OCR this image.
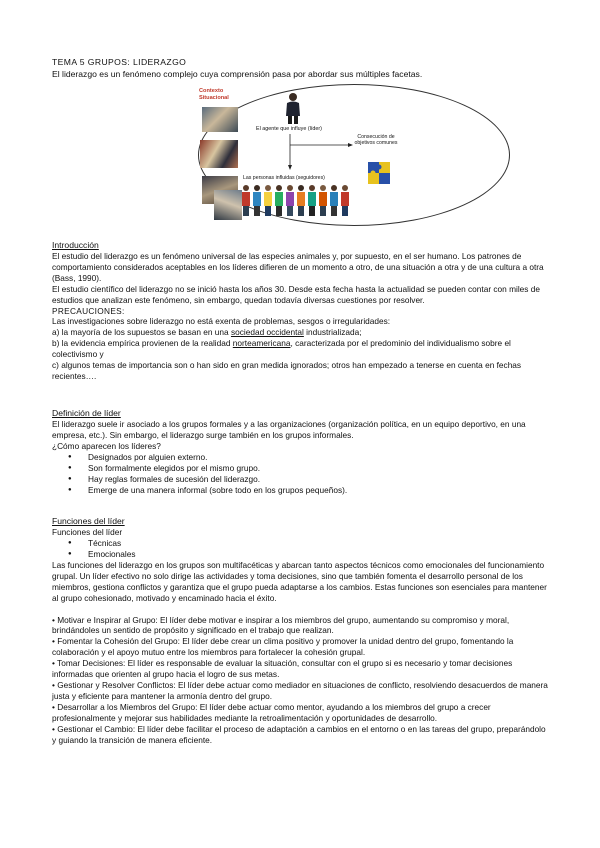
TEMA 5 GRUPOS: LIDERAZGO
El liderazgo es un fenómeno complejo cuya comprensión pasa por abordar sus múltiples facetas.
Contexto Situacional
El agente que influye (líder)
Consecución de objetivos comunes
Las personas influidas (seguidores)

Introducción

El estudio del liderazgo es un fenómeno universal de las especies animales y, por supuesto, en el ser humano. Los patrones de comportamiento considerados aceptables en los líderes difieren de un momento a otro, de una situación a otra y de una cultura a otra (Bass, 1990).

El estudio científico del liderazgo no se inició hasta los años 30. Desde esta fecha hasta la actualidad se pueden contar con miles de estudios que analizan este fenómeno, sin embargo, quedan todavía diversas cuestiones por resolver.

PRECAUCIONES:

Las investigaciones sobre liderazgo no está exenta de problemas, sesgos o irregularidades:

a) la mayoría de los supuestos se basan en una sociedad occidental industrializada;

b) la evidencia empírica provienen de la realidad norteamericana, caracterizada por el predominio del individualismo sobre el colectivismo y

c) algunos temas de importancia son o han sido en gran medida ignorados; otros han empezado a tenerse en cuenta en fechas recientes….

Definición de líder

El liderazgo suele ir asociado a los grupos formales y a las organizaciones (organización política, en un equipo deportivo, en una empresa, etc.). Sin embargo, el liderazgo surge también en los grupos informales.

¿Cómo aparecen los líderes?

● Designados por alguien externo.
● Son formalmente elegidos por el mismo grupo.
● Hay reglas formales de sucesión del liderazgo.
● Emerge de una manera informal (sobre todo en los grupos pequeños).

Funciones del líder

Funciones del líder

● Técnicas
● Emocionales

Las funciones del liderazgo en los grupos son multifacéticas y abarcan tanto aspectos técnicos como emocionales del funcionamiento grupal. Un líder efectivo no solo dirige las actividades y toma decisiones, sino que también fomenta el desarrollo personal de los miembros, gestiona conflictos y garantiza que el grupo pueda adaptarse a los cambios. Estas funciones son esenciales para mantener al grupo cohesionado, motivado y encaminado hacia el éxito.

• Motivar e Inspirar al Grupo: El líder debe motivar e inspirar a los miembros del grupo, aumentando su compromiso y moral, brindándoles un sentido de propósito y significado en el trabajo que realizan.

• Fomentar la Cohesión del Grupo: El líder debe crear un clima positivo y promover la unidad dentro del grupo, fomentando la colaboración y el apoyo mutuo entre los miembros para fortalecer la cohesión grupal.

• Tomar Decisiones: El líder es responsable de evaluar la situación, consultar con el grupo si es necesario y tomar decisiones informadas que orienten al grupo hacia el logro de sus metas.

• Gestionar y Resolver Conflictos: El líder debe actuar como mediador en situaciones de conflicto, resolviendo desacuerdos de manera justa y eficiente para mantener la armonía dentro del grupo.

• Desarrollar a los Miembros del Grupo: El líder debe actuar como mentor, ayudando a los miembros del grupo a crecer profesionalmente y mejorar sus habilidades mediante la retroalimentación y oportunidades de desarrollo.

• Gestionar el Cambio: El líder debe facilitar el proceso de adaptación a cambios en el entorno o en las tareas del grupo, preparándolo y guiando la transición de manera eficiente.
